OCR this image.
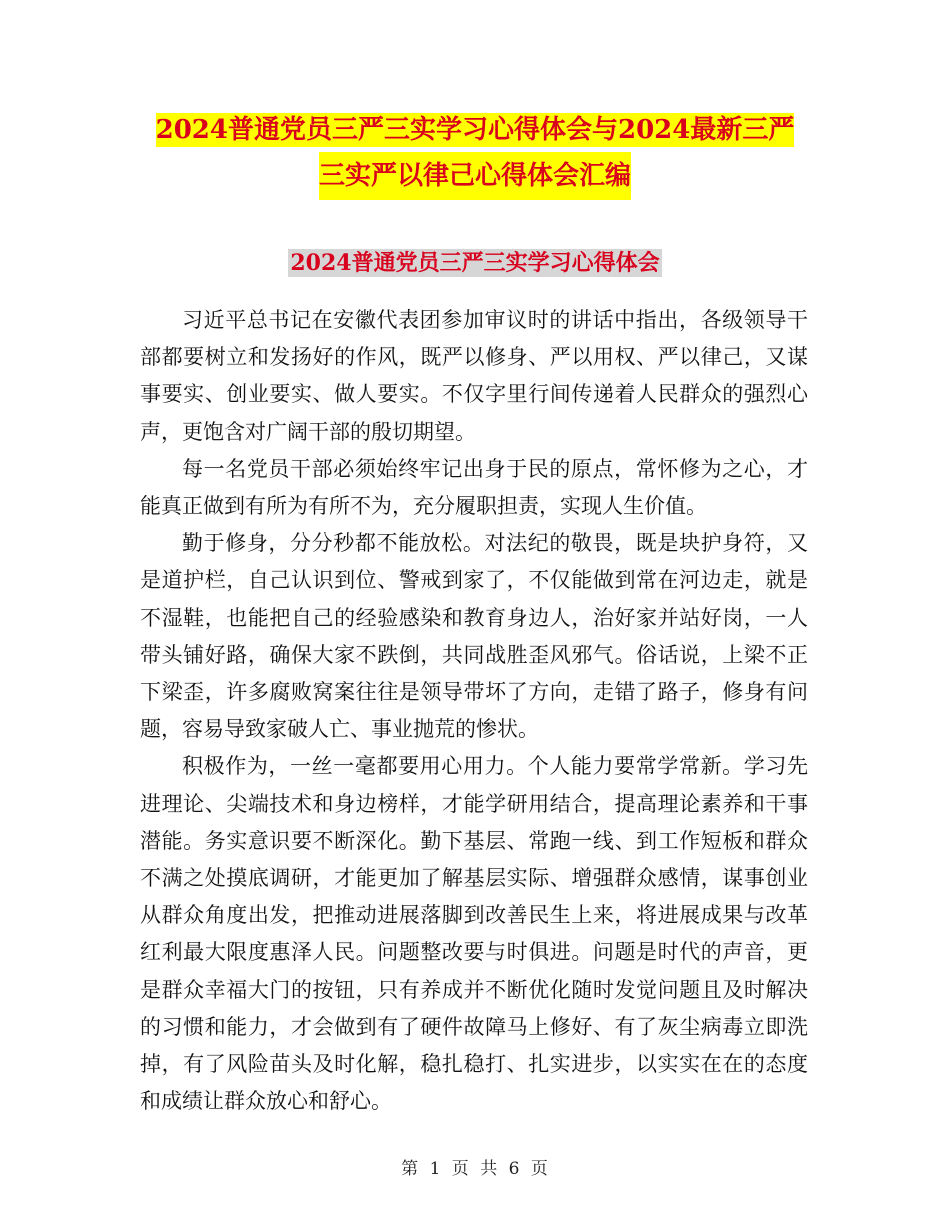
2024普通党员三严三实学习心得体会与2024最新三严
三实严以律己心得体会汇编
2024普通党员三严三实学习心得体会

习近平总书记在安徽代表团参加审议时的讲话中指出，各级领导干部都要树立和发扬好的作风，既严以修身、严以用权、严以律己，又谋事要实、创业要实、做人要实。不仅字里行间传递着人民群众的强烈心声，更饱含对广阔干部的殷切期望。

每一名党员干部必须始终牢记出身于民的原点，常怀修为之心，才能真正做到有所为有所不为，充分履职担责，实现人生价值。

勤于修身，分分秒都不能放松。对法纪的敬畏，既是块护身符，又是道护栏，自己认识到位、警戒到家了，不仅能做到常在河边走，就是不湿鞋，也能把自己的经验感染和教育身边人，治好家并站好岗，一人带头铺好路，确保大家不跌倒，共同战胜歪风邪气。俗话说，上梁不正下梁歪，许多腐败窝案往往是领导带坏了方向，走错了路子，修身有问题，容易导致家破人亡、事业抛荒的惨状。

积极作为，一丝一毫都要用心用力。个人能力要常学常新。学习先进理论、尖端技术和身边榜样，才能学研用结合，提高理论素养和干事潜能。务实意识要不断深化。勤下基层、常跑一线、到工作短板和群众不满之处摸底调研，才能更加了解基层实际、增强群众感情，谋事创业从群众角度出发，把推动进展落脚到改善民生上来，将进展成果与改革红利最大限度惠泽人民。问题整改要与时俱进。问题是时代的声音，更是群众幸福大门的按钮，只有养成并不断优化随时发觉问题且及时解决的习惯和能力，才会做到有了硬件故障马上修好、有了灰尘病毒立即洗掉，有了风险苗头及时化解，稳扎稳打、扎实进步，以实实在在的态度和成绩让群众放心和舒心。

第 1 页 共 6 页
